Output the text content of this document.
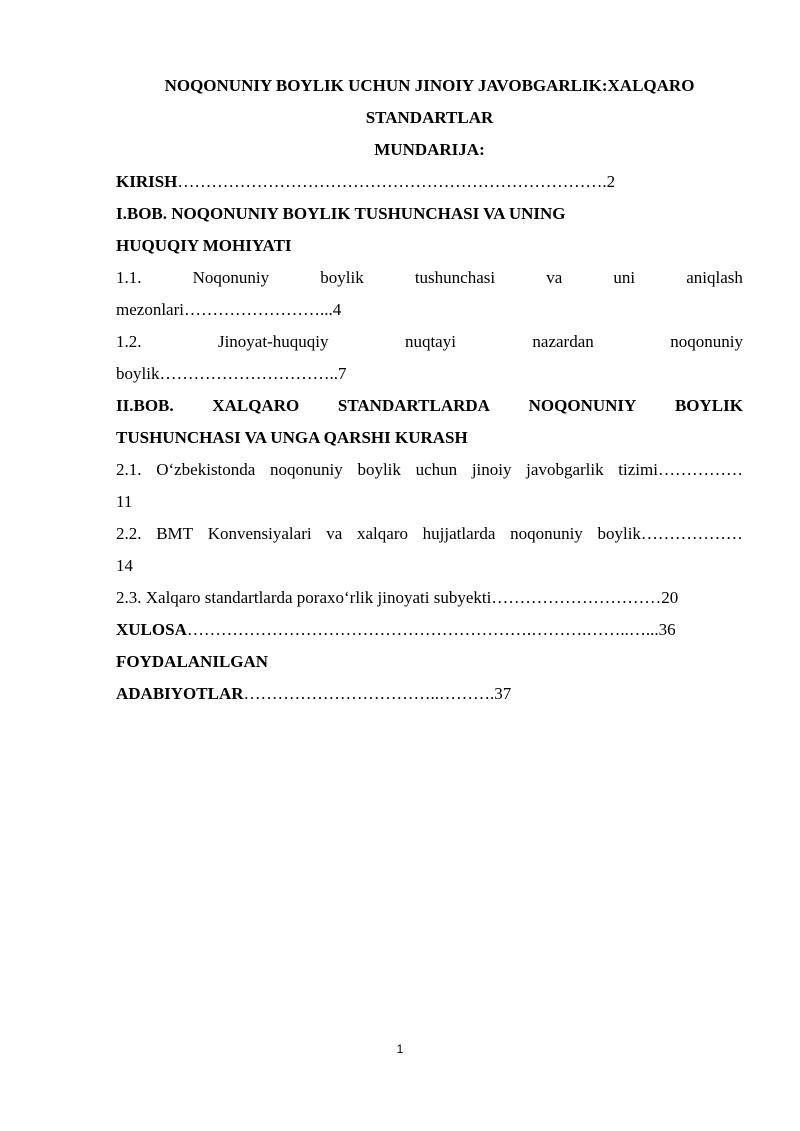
NOQONUNIY BOYLIK UCHUN JINOIY JAVOBGARLIK:XALQARO
STANDARTLAR
MUNDARIJA:
KIRISH………………………………………………………………….2
I.BOB. NOQONUNIY BOYLIK TUSHUNCHASI VA UNING
HUQUQIY MOHIYATI
1.1.	Noqonuniy	boylik	tushunchasi	va	uni	aniqlash
mezonlari……………………...4
1.2.	Jinoyat-huquqiy	nuqtayi	nazardan	noqonuniy
boylik…………………………..7
II.BOB. XALQARO STANDARTLARDA NOQONUNIY BOYLIK
TUSHUNCHASI VA UNGA QARSHI KURASH
2.1. O‘zbekistonda noqonuniy boylik uchun jinoiy javobgarlik tizimi……………
11
2.2. BMT Konvensiyalari va xalqaro hujjatlarda noqonuniy boylik………………
14
2.3. Xalqaro standartlarda poraxo‘rlik jinoyati subyekti…………………………20
XULOSA…………………………………………………….……….……..…...36
FOYDALANILGAN
ADABIYOTLAR……………………………..……….37
1
